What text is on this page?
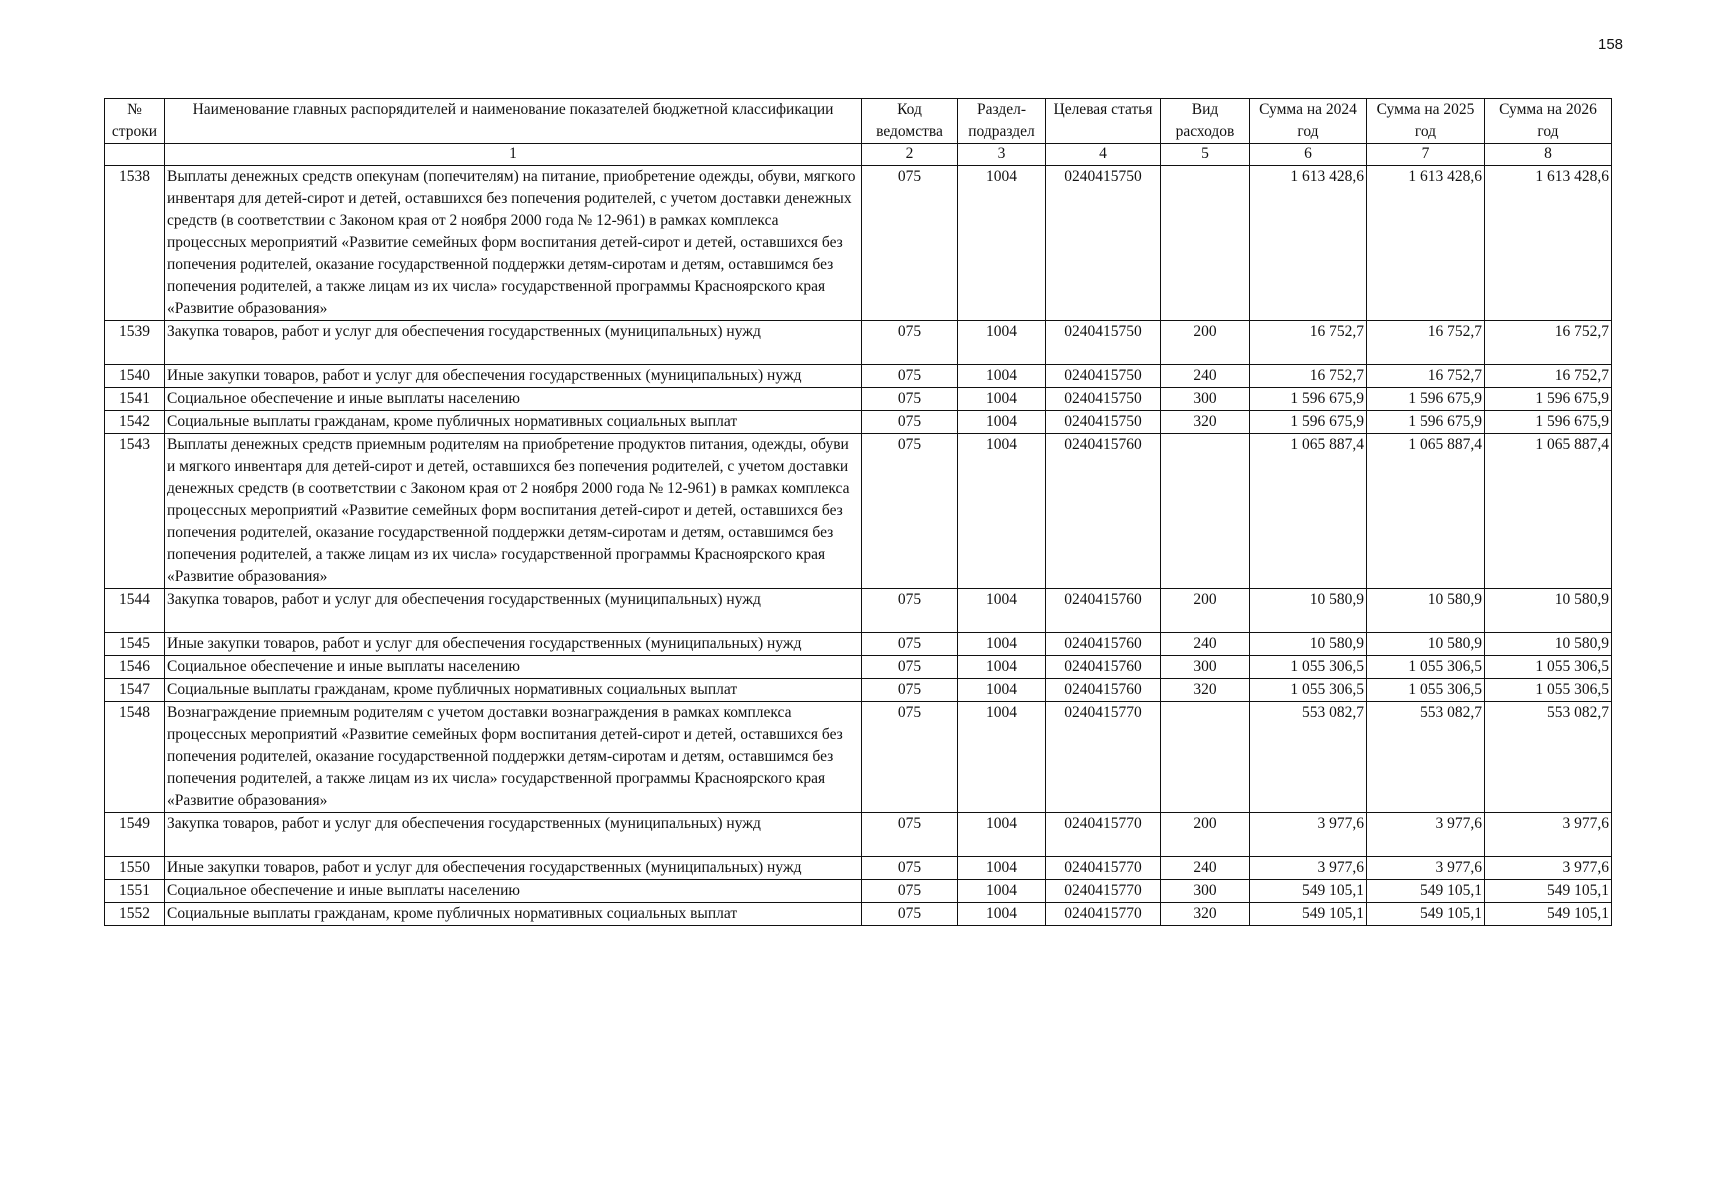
158
№ строки	Наименование главных распорядителей и наименование показателей бюджетной классификации	Код ведомства	Раздел-подраздел	Целевая статья	Вид расходов	Сумма на 2024 год	Сумма на 2025 год	Сумма на 2026 год
	1	2	3	4	5	6	7	8
1538	Выплаты денежных средств опекунам (попечителям) на питание, приобретение одежды, обуви, мягкого инвентаря для детей-сирот и детей, оставшихся без попечения родителей, с учетом доставки денежных средств (в соответствии с Законом края от 2 ноября 2000 года № 12-961) в рамках комплекса процессных мероприятий «Развитие семейных форм воспитания детей-сирот и детей, оставшихся без попечения родителей, оказание государственной поддержки детям-сиротам и детям, оставшимся без попечения родителей, а также лицам из их числа» государственной программы Красноярского края «Развитие образования»	075	1004	0240415750		1 613 428,6	1 613 428,6	1 613 428,6
1539	Закупка товаров, работ и услуг для обеспечения государственных (муниципальных) нужд	075	1004	0240415750	200	16 752,7	16 752,7	16 752,7
1540	Иные закупки товаров, работ и услуг для обеспечения государственных (муниципальных) нужд	075	1004	0240415750	240	16 752,7	16 752,7	16 752,7
1541	Социальное обеспечение и иные выплаты населению	075	1004	0240415750	300	1 596 675,9	1 596 675,9	1 596 675,9
1542	Социальные выплаты гражданам, кроме публичных нормативных социальных выплат	075	1004	0240415750	320	1 596 675,9	1 596 675,9	1 596 675,9
1543	Выплаты денежных средств приемным родителям на приобретение продуктов питания, одежды, обуви и мягкого инвентаря для детей-сирот и детей, оставшихся без попечения родителей, с учетом доставки денежных средств (в соответствии с Законом края от 2 ноября 2000 года № 12-961) в рамках комплекса процессных мероприятий «Развитие семейных форм воспитания детей-сирот и детей, оставшихся без попечения родителей, оказание государственной поддержки детям-сиротам и детям, оставшимся без попечения родителей, а также лицам из их числа» государственной программы Красноярского края «Развитие образования»	075	1004	0240415760		1 065 887,4	1 065 887,4	1 065 887,4
1544	Закупка товаров, работ и услуг для обеспечения государственных (муниципальных) нужд	075	1004	0240415760	200	10 580,9	10 580,9	10 580,9
1545	Иные закупки товаров, работ и услуг для обеспечения государственных (муниципальных) нужд	075	1004	0240415760	240	10 580,9	10 580,9	10 580,9
1546	Социальное обеспечение и иные выплаты населению	075	1004	0240415760	300	1 055 306,5	1 055 306,5	1 055 306,5
1547	Социальные выплаты гражданам, кроме публичных нормативных социальных выплат	075	1004	0240415760	320	1 055 306,5	1 055 306,5	1 055 306,5
1548	Вознаграждение приемным родителям с учетом доставки вознаграждения в рамках комплекса процессных мероприятий «Развитие семейных форм воспитания детей-сирот и детей, оставшихся без попечения родителей, оказание государственной поддержки детям-сиротам и детям, оставшимся без попечения родителей, а также лицам из их числа» государственной программы Красноярского края «Развитие образования»	075	1004	0240415770		553 082,7	553 082,7	553 082,7
1549	Закупка товаров, работ и услуг для обеспечения государственных (муниципальных) нужд	075	1004	0240415770	200	3 977,6	3 977,6	3 977,6
1550	Иные закупки товаров, работ и услуг для обеспечения государственных (муниципальных) нужд	075	1004	0240415770	240	3 977,6	3 977,6	3 977,6
1551	Социальное обеспечение и иные выплаты населению	075	1004	0240415770	300	549 105,1	549 105,1	549 105,1
1552	Социальные выплаты гражданам, кроме публичных нормативных социальных выплат	075	1004	0240415770	320	549 105,1	549 105,1	549 105,1
